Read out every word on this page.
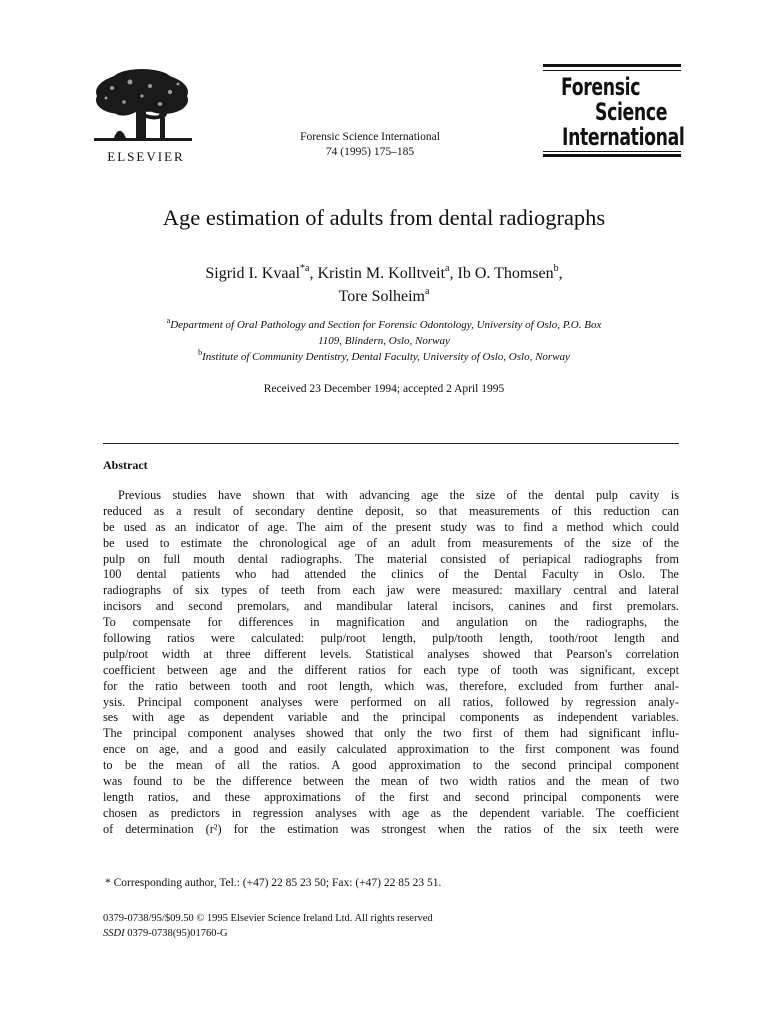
ELSEVIER
Forensic Science International
74 (1995) 175–185
Forensic
Science
International
Age estimation of adults from dental radiographs
Sigrid I. Kvaal$^{*a}$, Kristin M. Kolltveit$^a$, Ib O. Thomsen$^b$,
Tore Solheim$^a$
$^a$Department of Oral Pathology and Section for Forensic Odontology, University of Oslo, P.O. Box
1109, Blindern, Oslo, Norway
$^b$Institute of Community Dentistry, Dental Faculty, University of Oslo, Oslo, Norway
Received 23 December 1994; accepted 2 April 1995
Abstract
Previous studies have shown that with advancing age the size of the dental pulp cavity is
reduced as a result of secondary dentine deposit, so that measurements of this reduction can
be used as an indicator of age. The aim of the present study was to find a method which could
be used to estimate the chronological age of an adult from measurements of the size of the
pulp on full mouth dental radiographs. The material consisted of periapical radiographs from
100 dental patients who had attended the clinics of the Dental Faculty in Oslo. The
radiographs of six types of teeth from each jaw were measured: maxillary central and lateral
incisors and second premolars, and mandibular lateral incisors, canines and first premolars.
To compensate for differences in magnification and angulation on the radiographs, the
following ratios were calculated: pulp/root length, pulp/tooth length, tooth/root length and
pulp/root width at three different levels. Statistical analyses showed that Pearson's correlation
coefficient between age and the different ratios for each type of tooth was significant, except
for the ratio between tooth and root length, which was, therefore, excluded from further anal-
ysis. Principal component analyses were performed on all ratios, followed by regression analy-
ses with age as dependent variable and the principal components as independent variables.
The principal component analyses showed that only the two first of them had significant influ-
ence on age, and a good and easily calculated approximation to the first component was found
to be the mean of all the ratios. A good approximation to the second principal component
was found to be the difference between the mean of two width ratios and the mean of two
length ratios, and these approximations of the first and second principal components were
chosen as predictors in regression analyses with age as the dependent variable. The coefficient
of determination (r²) for the estimation was strongest when the ratios of the six teeth were
* Corresponding author, Tel.: (+47) 22 85 23 50; Fax: (+47) 22 85 23 51.
0379-0738/95/$09.50 © 1995 Elsevier Science Ireland Ltd. All rights reserved
SSDI 0379-0738(95)01760-G
